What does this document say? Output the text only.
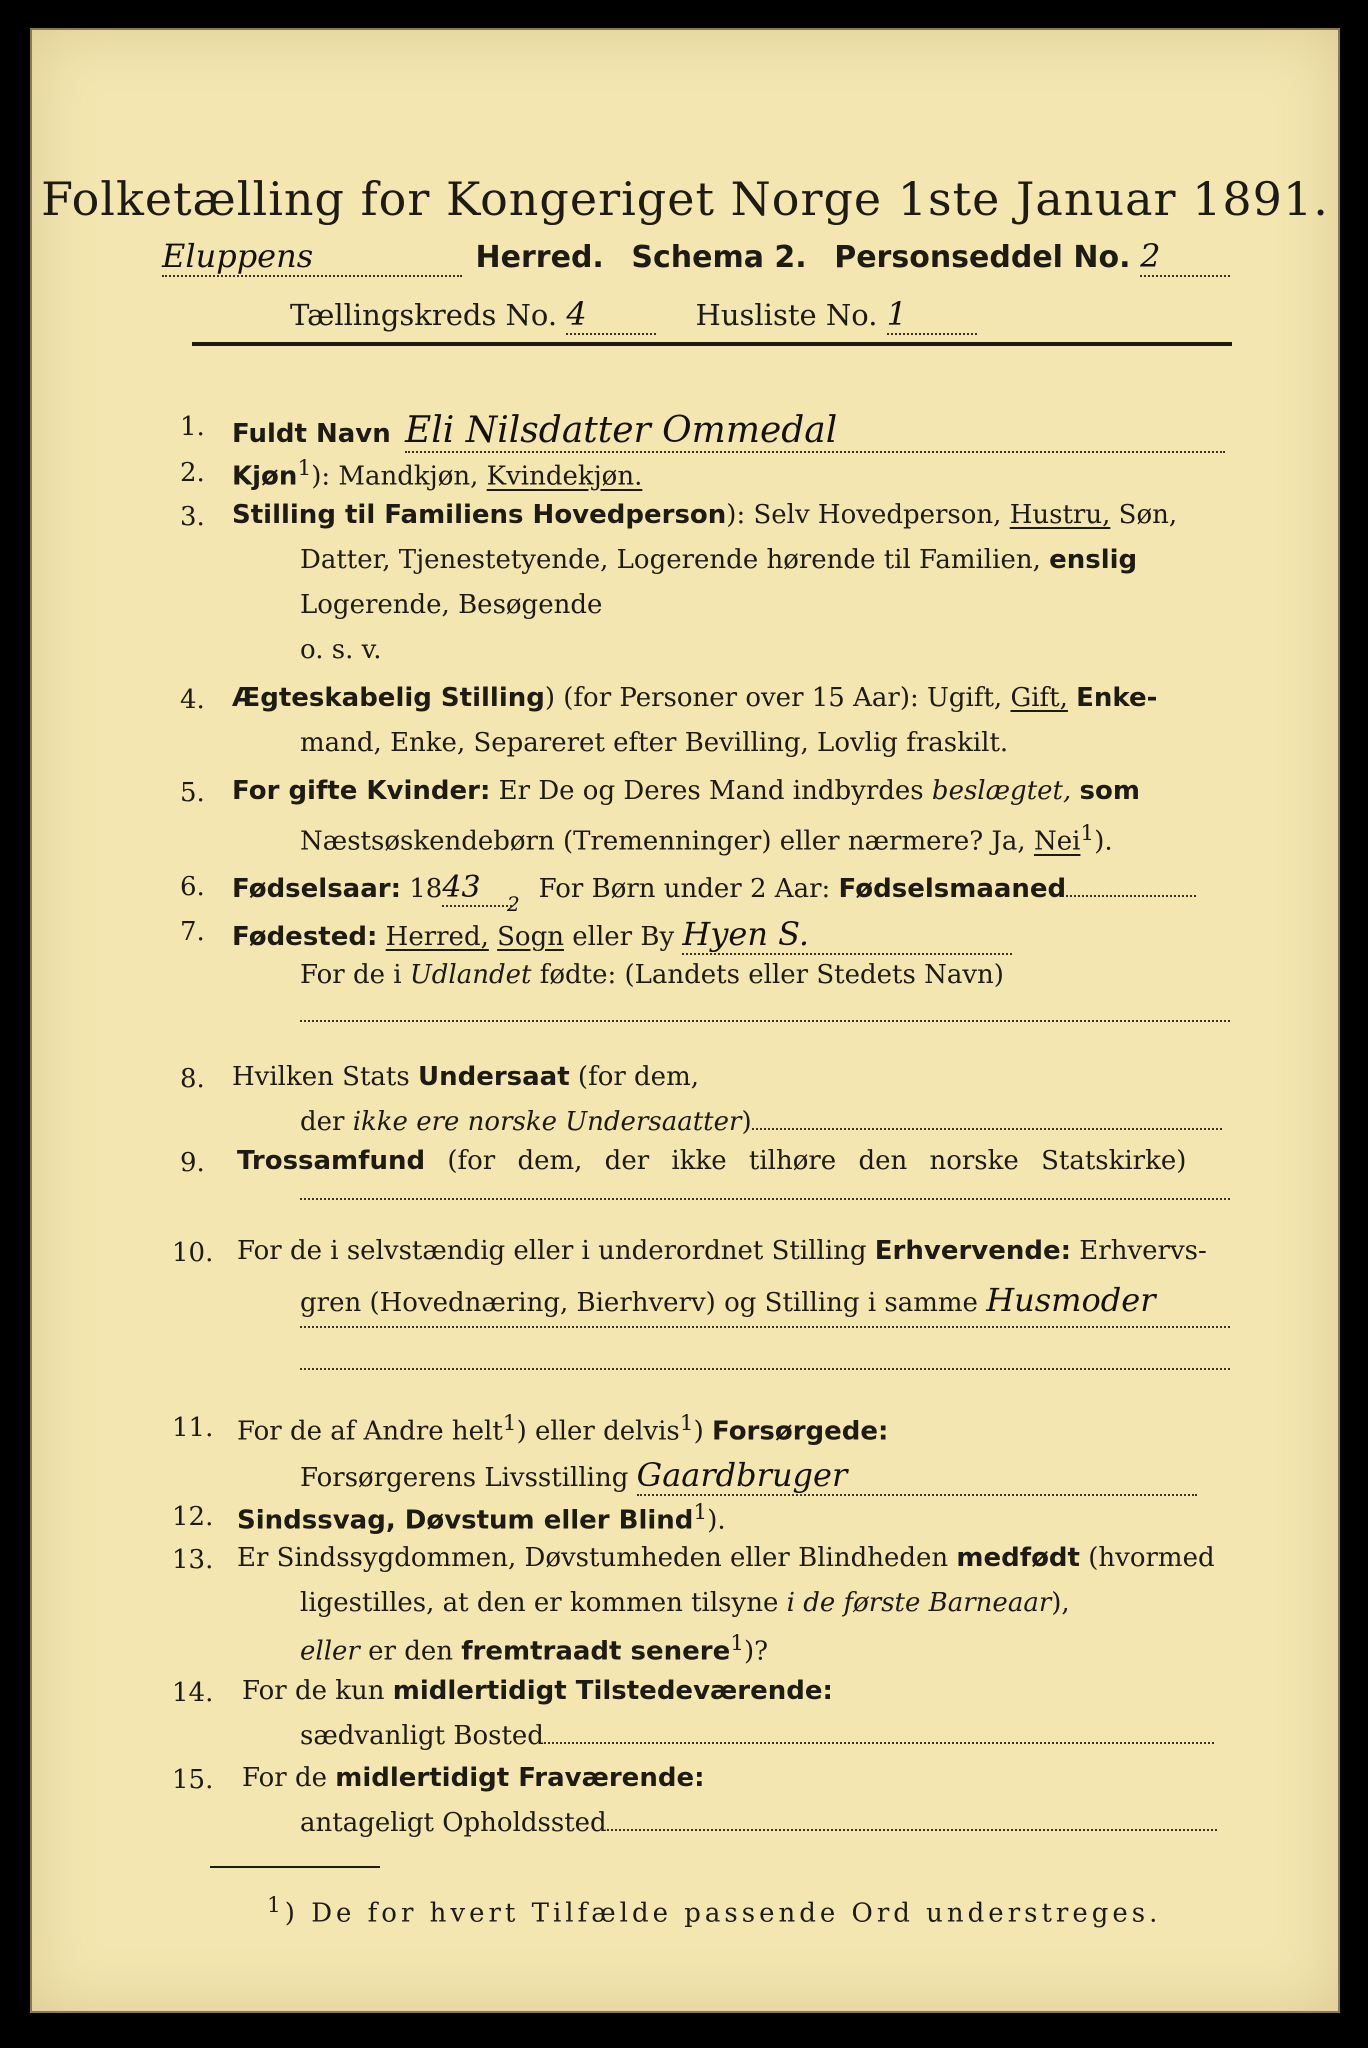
Folketælling for Kongeriget Norge 1ste Januar 1891.
Eluppens	Herred. Schema 2. Personseddel No. 2
Tællingskreds No. 4	Husliste No. 1
1. Fuldt Navn Eli Nilsdatter Ommedal
2. Kjøn$^1$): Mandkjøn, Kvindekjøn.
3. Stilling til Familiens Hovedperson): Selv Hovedperson, Hustru, Søn,
Datter, Tjenestetyende, Logerende hørende til Familien, enslig
Logerende, Besøgende
o. s. v.
4. Ægteskabelig Stilling) (for Personer over 15 Aar): Ugift, Gift, Enke-
mand, Enke, Separeret efter Bevilling, Lovlig fraskilt.
5. For gifte Kvinder: Er De og Deres Mand indbyrdes beslægtet, som
Næstsøskendebørn (Tremenninger) eller nærmere? Ja, Nei$^1$).
6. Fødselsaar: 1843 For Børn under 2 Aar: Fødselsmaaned
7. Fødested: Herred, Sogn eller By Hyen S.
2
For de i Udlandet fødte: (Landets eller Stedets Navn)
8. Hvilken Stats Undersaat (for dem,
der ikke ere norske Undersaatter)
9. Trossamfund (for dem, der ikke tilhøre den norske Statskirke)
10. For de i selvstændig eller i underordnet Stilling Erhvervende: Erhvervs-
gren (Hovednæring, Bierhverv) og Stilling i samme Husmoder
11. For de af Andre helt$^1$) eller delvis$^1$) Forsørgede:
Forsørgerens Livsstilling Gaardbruger
12. Sindssvag, Døvstum eller Blind$^1$).
13. Er Sindssygdommen, Døvstumheden eller Blindheden medfødt (hvormed
ligestilles, at den er kommen tilsyne i de første Barneaar),
eller er den fremtraadt senere$^1$)?
14. For de kun midlertidigt Tilstedeværende:
sædvanligt Bosted
15. For de midlertidigt Fraværende:
antageligt Opholdssted
$^1$) De for hvert Tilfælde passende Ord understreges.
